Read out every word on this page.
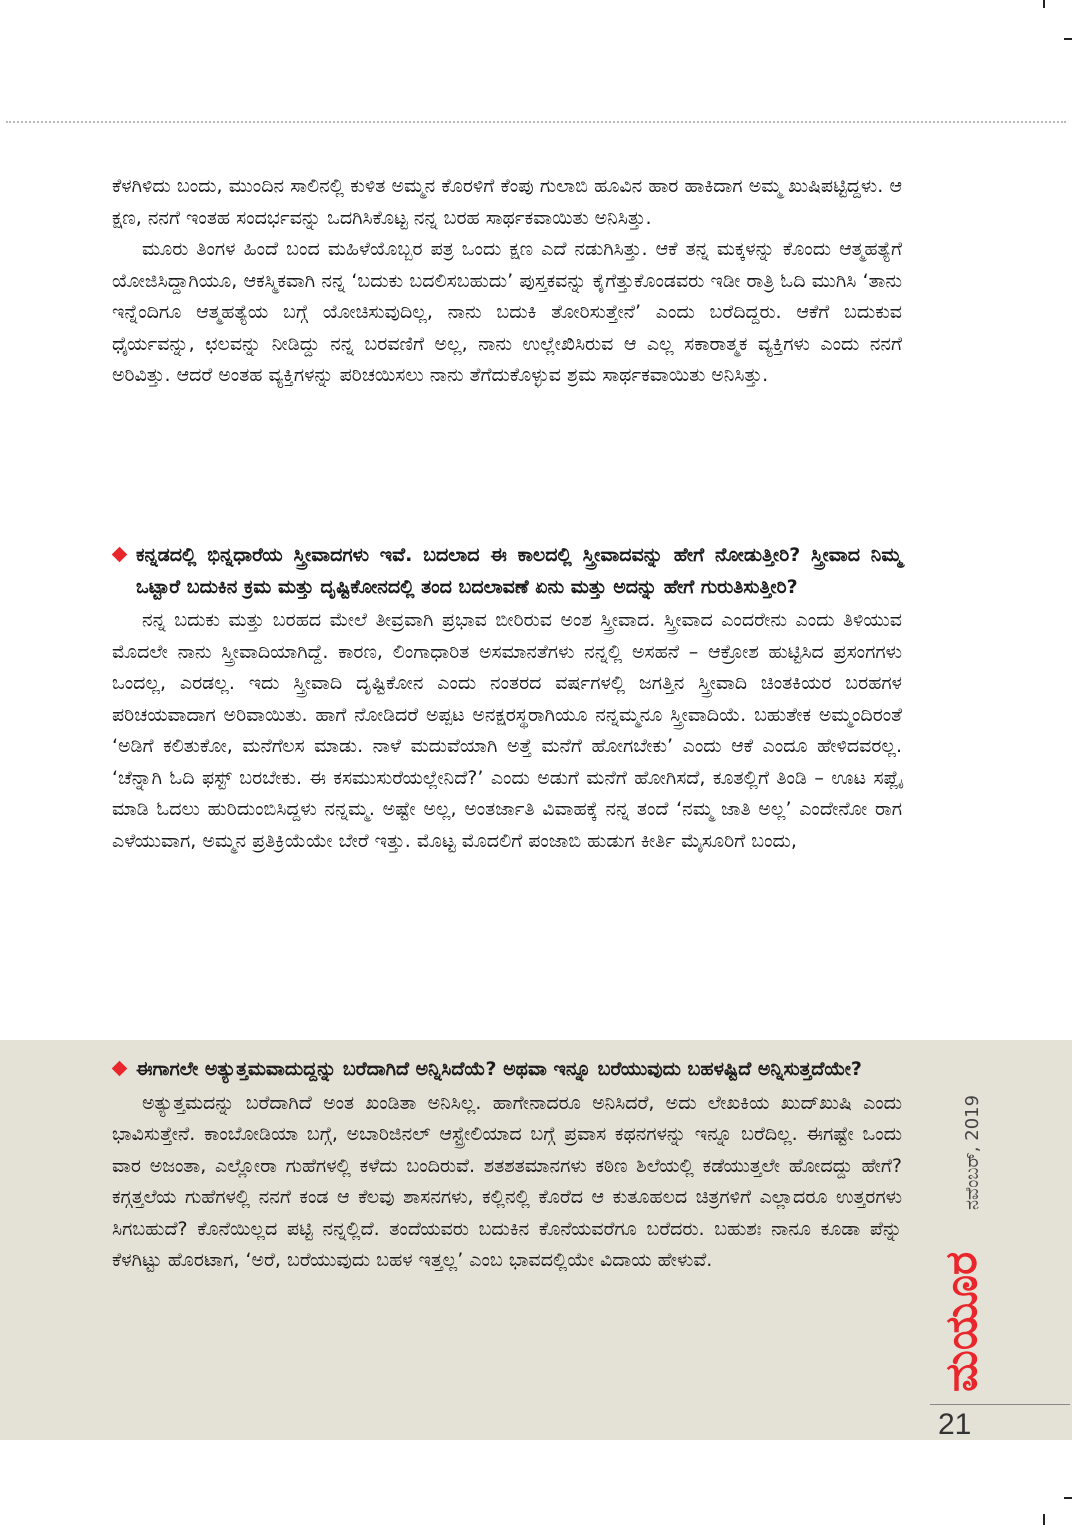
ಕೆಳಗಿಳಿದು ಬಂದು, ಮುಂದಿನ ಸಾಲಿನಲ್ಲಿ ಕುಳಿತ ಅಮ್ಮನ ಕೊರಳಿಗೆ ಕೆಂಪು ಗುಲಾಬಿ ಹೂವಿನ ಹಾರ ಹಾಕಿದಾಗ ಅಮ್ಮ ಖುಷಿಪಟ್ಟಿದ್ದಳು. ಆ ಕ್ಷಣ, ನನಗೆ ಇಂತಹ ಸಂದರ್ಭವನ್ನು ಒದಗಿಸಿಕೊಟ್ಟ ನನ್ನ ಬರಹ ಸಾರ್ಥಕವಾಯಿತು ಅನಿಸಿತ್ತು.

ಮೂರು ತಿಂಗಳ ಹಿಂದೆ ಬಂದ ಮಹಿಳೆಯೊಬ್ಬರ ಪತ್ರ ಒಂದು ಕ್ಷಣ ಎದೆ ನಡುಗಿಸಿತ್ತು. ಆಕೆ ತನ್ನ ಮಕ್ಕಳನ್ನು ಕೊಂದು ಆತ್ಮಹತ್ಯೆಗೆ ಯೋಜಿಸಿದ್ದಾಗಿಯೂ, ಆಕಸ್ಮಿಕವಾಗಿ ನನ್ನ ‘ಬದುಕು ಬದಲಿಸಬಹುದು’ ಪುಸ್ತಕವನ್ನು ಕೈಗೆತ್ತುಕೊಂಡವರು ಇಡೀ ರಾತ್ರಿ ಓದಿ ಮುಗಿಸಿ ‘ತಾನು ಇನ್ನೆಂದಿಗೂ ಆತ್ಮಹತ್ಯೆಯ ಬಗ್ಗೆ ಯೋಚಿಸುವುದಿಲ್ಲ, ನಾನು ಬದುಕಿ ತೋರಿಸುತ್ತೇನೆ’ ಎಂದು ಬರೆದಿದ್ದರು. ಆಕೆಗೆ ಬದುಕುವ ಧೈರ್ಯವನ್ನು, ಛಲವನ್ನು ನೀಡಿದ್ದು ನನ್ನ ಬರವಣಿಗೆ ಅಲ್ಲ, ನಾನು ಉಲ್ಲೇಖಿಸಿರುವ ಆ ಎಲ್ಲ ಸಕಾರಾತ್ಮಕ ವ್ಯಕ್ತಿಗಳು ಎಂದು ನನಗೆ ಅರಿವಿತ್ತು. ಆದರೆ ಅಂತಹ ವ್ಯಕ್ತಿಗಳನ್ನು ಪರಿಚಯಿಸಲು ನಾನು ತೆಗೆದುಕೊಳ್ಳುವ ಶ್ರಮ ಸಾರ್ಥಕವಾಯಿತು ಅನಿಸಿತ್ತು.

ಕನ್ನಡದಲ್ಲಿ ಭಿನ್ನಧಾರೆಯ ಸ್ತ್ರೀವಾದಗಳು ಇವೆ. ಬದಲಾದ ಈ ಕಾಲದಲ್ಲಿ ಸ್ತ್ರೀವಾದವನ್ನು ಹೇಗೆ ನೋಡುತ್ತೀರಿ? ಸ್ತ್ರೀವಾದ ನಿಮ್ಮ ಒಟ್ಟಾರೆ ಬದುಕಿನ ಕ್ರಮ ಮತ್ತು ದೃಷ್ಟಿಕೋನದಲ್ಲಿ ತಂದ ಬದಲಾವಣೆ ಏನು ಮತ್ತು ಅದನ್ನು ಹೇಗೆ ಗುರುತಿಸುತ್ತೀರಿ?

ನನ್ನ ಬದುಕು ಮತ್ತು ಬರಹದ ಮೇಲೆ ತೀವ್ರವಾಗಿ ಪ್ರಭಾವ ಬೀರಿರುವ ಅಂಶ ಸ್ತ್ರೀವಾದ. ಸ್ತ್ರೀವಾದ ಎಂದರೇನು ಎಂದು ತಿಳಿಯುವ ಮೊದಲೇ ನಾನು ಸ್ತ್ರೀವಾದಿಯಾಗಿದ್ದೆ. ಕಾರಣ, ಲಿಂಗಾಧಾರಿತ ಅಸಮಾನತೆಗಳು ನನ್ನಲ್ಲಿ ಅಸಹನೆ – ಆಕ್ರೋಶ ಹುಟ್ಟಿಸಿದ ಪ್ರಸಂಗಗಳು ಒಂದಲ್ಲ, ಎರಡಲ್ಲ. ಇದು ಸ್ತ್ರೀವಾದಿ ದೃಷ್ಟಿಕೋನ ಎಂದು ನಂತರದ ವರ್ಷಗಳಲ್ಲಿ ಜಗತ್ತಿನ ಸ್ತ್ರೀವಾದಿ ಚಿಂತಕಿಯರ ಬರಹಗಳ ಪರಿಚಯವಾದಾಗ ಅರಿವಾಯಿತು. ಹಾಗೆ ನೋಡಿದರೆ ಅಪ್ಪಟ ಅನಕ್ಷರಸ್ಥರಾಗಿಯೂ ನನ್ನಮ್ಮನೂ ಸ್ತ್ರೀವಾದಿಯೆ. ಬಹುತೇಕ ಅಮ್ಮಂದಿರಂತೆ ‘ಅಡಿಗೆ ಕಲಿತುಕೋ, ಮನೆಗೆಲಸ ಮಾಡು. ನಾಳೆ ಮದುವೆಯಾಗಿ ಅತ್ತೆ ಮನೆಗೆ ಹೋಗಬೇಕು’ ಎಂದು ಆಕೆ ಎಂದೂ ಹೇಳಿದವರಲ್ಲ. ‘ಚೆನ್ನಾಗಿ ಓದಿ ಫಸ್ಟ್ ಬರಬೇಕು. ಈ ಕಸಮುಸುರೆಯಲ್ಲೇನಿದೆ?’ ಎಂದು ಅಡುಗೆ ಮನೆಗೆ ಹೋಗಿಸದೆ, ಕೂತಲ್ಲಿಗೆ ತಿಂಡಿ – ಊಟ ಸಪ್ಲೈ ಮಾಡಿ ಓದಲು ಹುರಿದುಂಬಿಸಿದ್ದಳು ನನ್ನಮ್ಮ. ಅಷ್ಟೇ ಅಲ್ಲ, ಅಂತರ್ಜಾತಿ ವಿವಾಹಕ್ಕೆ ನನ್ನ ತಂದೆ ‘ನಮ್ಮ ಜಾತಿ ಅಲ್ಲ’ ಎಂದೇನೋ ರಾಗ ಎಳೆಯುವಾಗ, ಅಮ್ಮನ ಪ್ರತಿಕ್ರಿಯೆಯೇ ಬೇರೆ ಇತ್ತು. ಮೊಟ್ಟ ಮೊದಲಿಗೆ ಪಂಜಾಬಿ ಹುಡುಗ ಕೀರ್ತಿ ಮೈಸೂರಿಗೆ ಬಂದು,

ಈಗಾಗಲೇ ಅತ್ಯುತ್ತಮವಾದುದ್ದನ್ನು ಬರೆದಾಗಿದೆ ಅನ್ನಿಸಿದೆಯೆ? ಅಥವಾ ಇನ್ನೂ ಬರೆಯುವುದು ಬಹಳಷ್ಟಿದೆ ಅನ್ನಿಸುತ್ತದೆಯೇ?

ಅತ್ಯುತ್ತಮದನ್ನು ಬರೆದಾಗಿದೆ ಅಂತ ಖಂಡಿತಾ ಅನಿಸಿಲ್ಲ. ಹಾಗೇನಾದರೂ ಅನಿಸಿದರೆ, ಅದು ಲೇಖಕಿಯ ಖುದ್‌ಖುಷಿ ಎಂದು ಭಾವಿಸುತ್ತೇನೆ. ಕಾಂಬೋಡಿಯಾ ಬಗ್ಗೆ, ಅಬಾರಿಜಿನಲ್ ಆಸ್ಟ್ರೇಲಿಯಾದ ಬಗ್ಗೆ ಪ್ರವಾಸ ಕಥನಗಳನ್ನು ಇನ್ನೂ ಬರೆದಿಲ್ಲ. ಈಗಷ್ಟೇ ಒಂದು ವಾರ ಅಜಂತಾ, ಎಲ್ಲೋರಾ ಗುಹೆಗಳಲ್ಲಿ ಕಳೆದು ಬಂದಿರುವೆ. ಶತಶತಮಾನಗಳು ಕಠಿಣ ಶಿಲೆಯಲ್ಲಿ ಕಡೆಯುತ್ತಲೇ ಹೋದದ್ದು ಹೇಗೆ? ಕಗ್ಗತ್ತಲೆಯ ಗುಹೆಗಳಲ್ಲಿ ನನಗೆ ಕಂಡ ಆ ಕೆಲವು ಶಾಸನಗಳು, ಕಲ್ಲಿನಲ್ಲಿ ಕೊರೆದ ಆ ಕುತೂಹಲದ ಚಿತ್ರಗಳಿಗೆ ಎಲ್ಲಾದರೂ ಉತ್ತರಗಳು ಸಿಗಬಹುದೆ? ಕೊನೆಯಿಲ್ಲದ ಪಟ್ಟಿ ನನ್ನಲ್ಲಿದೆ. ತಂದೆಯವರು ಬದುಕಿನ ಕೊನೆಯವರೆಗೂ ಬರೆದರು. ಬಹುಶಃ ನಾನೂ ಕೂಡಾ ಪೆನ್ನು ಕೆಳಗಿಟ್ಟು ಹೊರಟಾಗ, ‘ಅರೆ, ಬರೆಯುವುದು ಬಹಳ ಇತ್ತಲ್ಲ’ ಎಂಬ ಭಾವದಲ್ಲಿಯೇ ವಿದಾಯ ಹೇಳುವೆ.

ನವೆಂಬರ್, 2019
ಮಯೂರ
21
